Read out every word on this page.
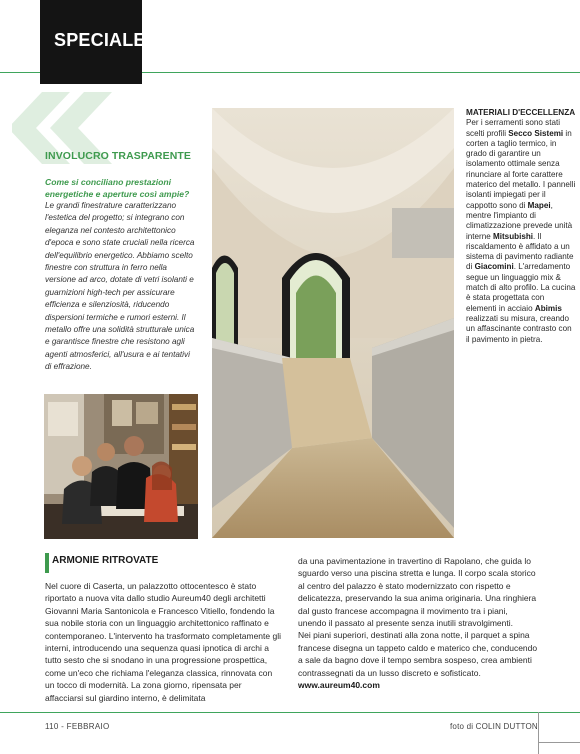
SPECIALE
INVOLUCRO TRASPARENTE
Come si conciliano prestazioni energetiche e aperture così ampie?
Le grandi finestrature caratterizzano l'estetica del progetto; si integrano con eleganza nel contesto architettonico d'epoca e sono state cruciali nella ricerca dell'equilibrio energetico. Abbiamo scelto finestre con struttura in ferro nella versione ad arco, dotate di vetri isolanti e guarnizioni high-tech per assicurare efficienza e silenziosità, riducendo dispersioni termiche e rumori esterni. Il metallo offre una solidità strutturale unica e garantisce finestre che resistono agli agenti atmosferici, all'usura e ai tentativi di effrazione.
MATERIALI D'ECCELLENZA
Per i serramenti sono stati scelti profili Secco Sistemi in corten a taglio termico, in grado di garantire un isolamento ottimale senza rinunciare al forte carattere materico del metallo. I pannelli isolanti impiegati per il cappotto sono di Mapei, mentre l'impianto di climatizzazione prevede unità interne Mitsubishi. Il riscaldamento è affidato a un sistema di pavimento radiante di Giacomini. L'arredamento segue un linguaggio mix & match di alto profilo. La cucina è stata progettata con elementi in acciaio Abimis realizzati su misura, creando un affascinante contrasto con il pavimento in pietra.
ARMONIE RITROVATE
Nel cuore di Caserta, un palazzotto ottocentesco è stato riportato a nuova vita dallo studio Aureum40 degli architetti Giovanni Maria Santonicola e Francesco Vitiello, fondendo la sua nobile storia con un linguaggio architettonico raffinato e contemporaneo. L'intervento ha trasformato completamente gli interni, introducendo una sequenza quasi ipnotica di archi a tutto sesto che si snodano in una progressione prospettica, come un'eco che richiama l'eleganza classica, rinnovata con un tocco di modernità. La zona giorno, ripensata per affacciarsi sul giardino interno, è delimitata
da una pavimentazione in travertino di Rapolano, che guida lo sguardo verso una piscina stretta e lunga. Il corpo scala storico al centro del palazzo è stato modernizzato con rispetto e delicatezza, preservando la sua anima originaria. Una ringhiera dal gusto francese accompagna il movimento tra i piani, unendo il passato al presente senza inutili stravolgimenti.
Nei piani superiori, destinati alla zona notte, il parquet a spina francese disegna un tappeto caldo e materico che, conducendo a sale da bagno dove il tempo sembra sospeso, crea ambienti contrassegnati da un lusso discreto e sofisticato.
www.aureum40.com
110 - FEBBRAIO	foto di COLIN DUTTON
